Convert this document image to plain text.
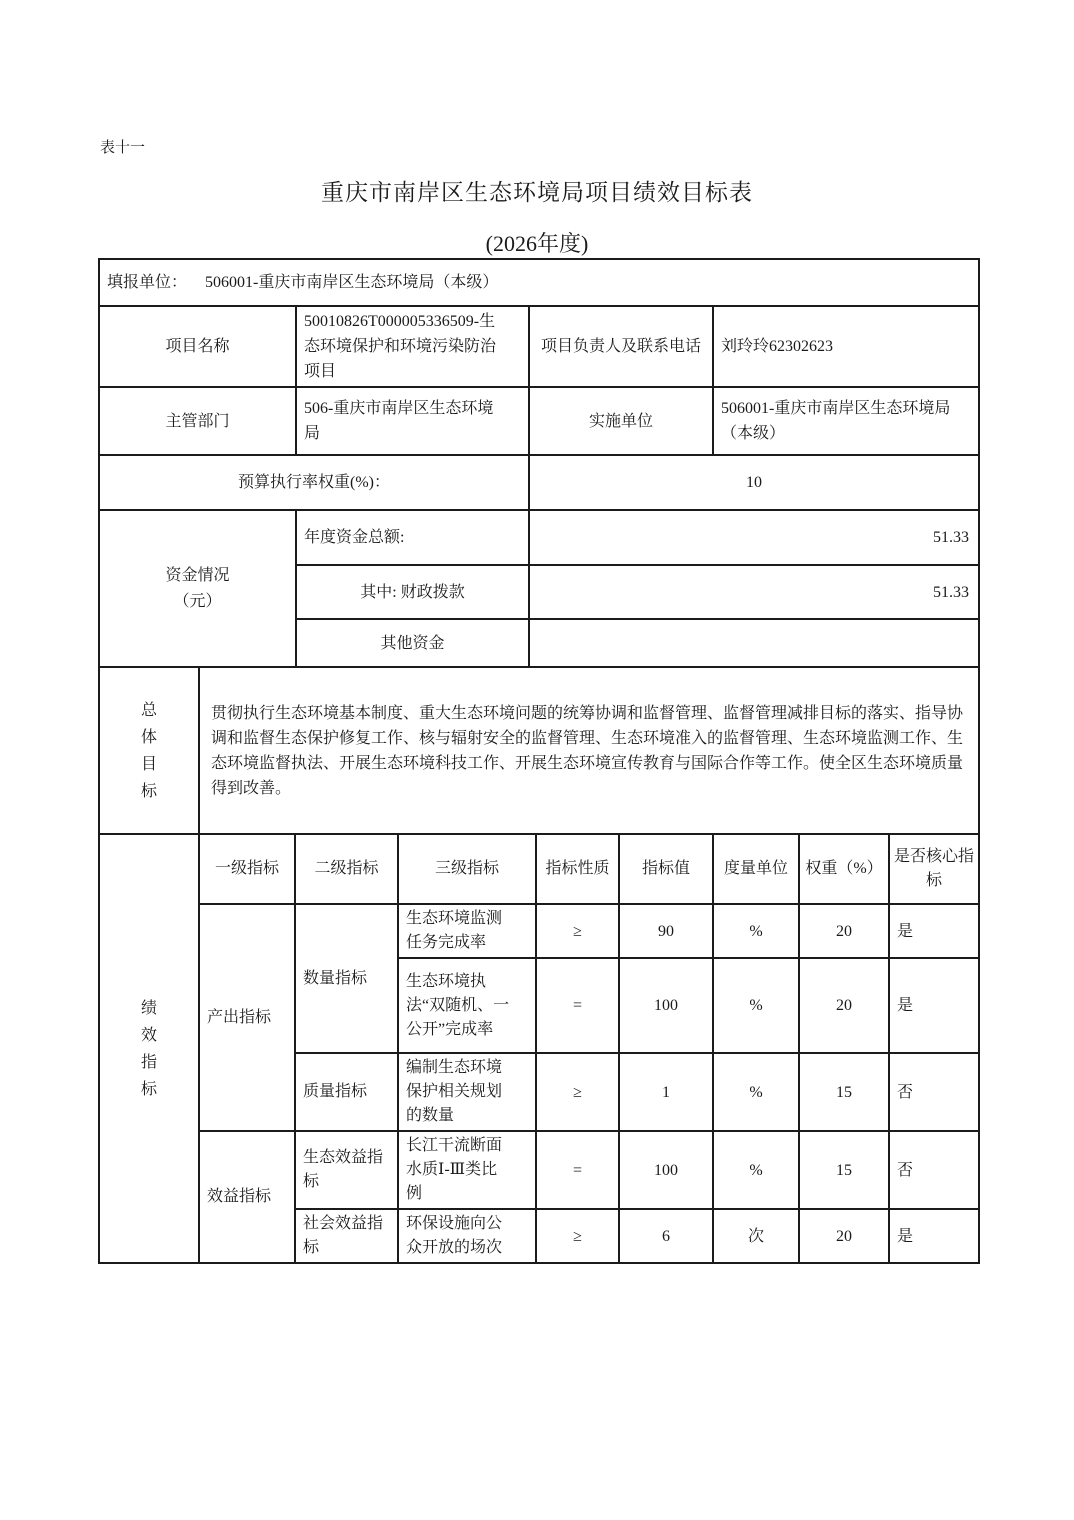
表十一
重庆市南岸区生态环境局项目绩效目标表
(2026年度)
填报单位： 506001-重庆市南岸区生态环境局（本级）			
项目名称	50010826T000005336509-生态环境保护和环境污染防治项目	项目负责人及联系电话	刘玲玲62302623
主管部门	506-重庆市南岸区生态环境局	实施单位	506001-重庆市南岸区生态环境局（本级）
预算执行率权重(%)：		10	

资金情况（元）	年度资金总额:	51.33	
	其中: 财政拨款	51.33	
	其他资金		
总体目标	贯彻执行生态环境基本制度、重大生态环境问题的统筹协调和监督管理、监督管理减排目标的落实、指导协调和监督生态保护修复工作、核与辐射安全的监督管理、生态环境准入的监督管理、生态环境监测工作、生态环境监督执法、开展生态环境科技工作、开展生态环境宣传教育与国际合作等工作。使全区生态环境质量得到改善。							

绩效指标	一级指标	二级指标	三级指标	指标性质	指标值	度量单位	权重（%）	是否核心指标

	产出指标	数量指标	生态环境监测任务完成率	≥	90	%	20	是

			生态环境执法“双随机、一公开”完成率	=	100	%	20	是

		质量指标	编制生态环境保护相关规划的数量	≥	1	%	15	否

	效益指标	生态效益指标	长江干流断面水质Ⅰ-Ⅲ类比例	=	100	%	15	否

		社会效益指标	环保设施向公众开放的场次	≥	6	次	20	是
